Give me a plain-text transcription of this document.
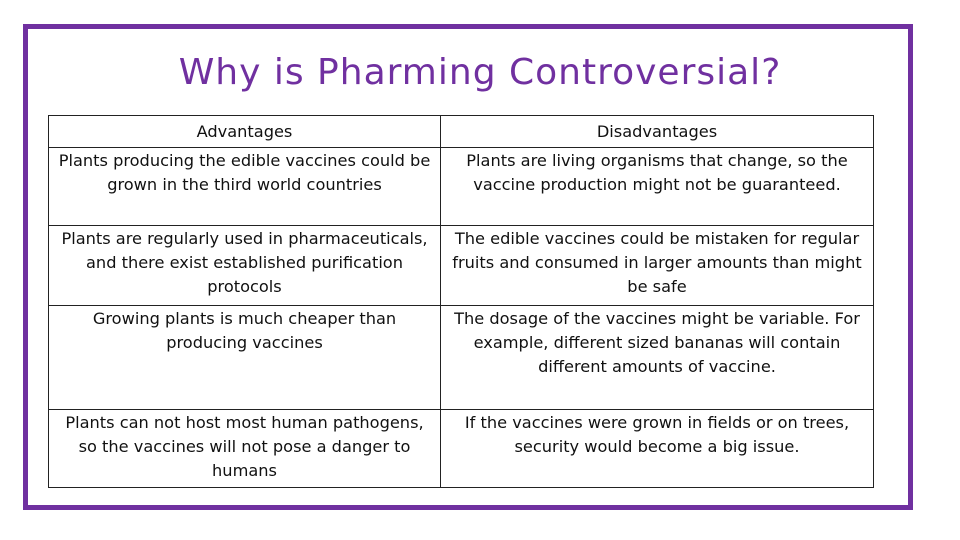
Why is Pharming Controversial?
Advantages	Disadvantages
Plants producing the edible vaccines could be grown in the third world countries	Plants are living organisms that change, so the vaccine production might not be guaranteed.
Plants are regularly used in pharmaceuticals, and there exist established purification protocols	The edible vaccines could be mistaken for regular fruits and consumed in larger amounts than might be safe
Growing plants is much cheaper than producing vaccines	The dosage of the vaccines might be variable. For example, different sized bananas will contain different amounts of vaccine.
Plants can not host most human pathogens, so the vaccines will not pose a danger to humans	If the vaccines were grown in fields or on trees, security would become a big issue.
